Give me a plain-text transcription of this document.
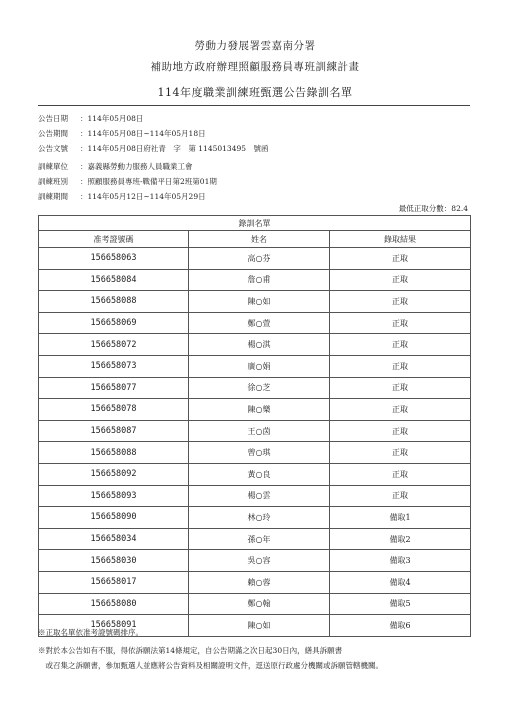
勞動力發展署雲嘉南分署
補助地方政府辦理照顧服務員專班訓練計畫
114年度職業訓練班甄選公告錄訓名單
公告日期 ：114年05月08日
公告期間 ：114年05月08日~114年05月18日
公告文號 ：114年05月08日府社青　字　第 1145013495　號函
訓練單位 ：嘉義縣勞動力服務人員職業工會
訓練班別 ：照顧服務員專班-戰備平日第2班第01期
訓練期間 ：114年05月12日~114年05月29日
最低正取分數：82.4
錄訓名單		
准考證號碼	姓名	錄取結果
156658063	高○芬	正取
156658084	詹○甫	正取
156658088	陳○如	正取
156658069	鄭○萱	正取
156658072	楊○淇	正取
156658073	廣○娟	正取
156658077	徐○芝	正取
156658078	陳○樂	正取
156658087	王○茵	正取
156658088	曾○琪	正取
156658092	黃○良	正取
156658093	楊○雲	正取
156658090	林○玲	備取1
156658034	孫○年	備取2
156658030	吳○容	備取3
156658017	賴○蓉	備取4
156658080	鄭○翰	備取5
156658091	陳○如	備取6
※正取名單依准考證號碼排序。
※對於本公告如有不服，得依訴願法第14條規定，自公告期滿之次日起30日內，繕具訴願書
　或召集之訴願書，參加甄選人並應將公告資料及相關證明文件，逕送原行政處分機關或訴願管轄機關。
